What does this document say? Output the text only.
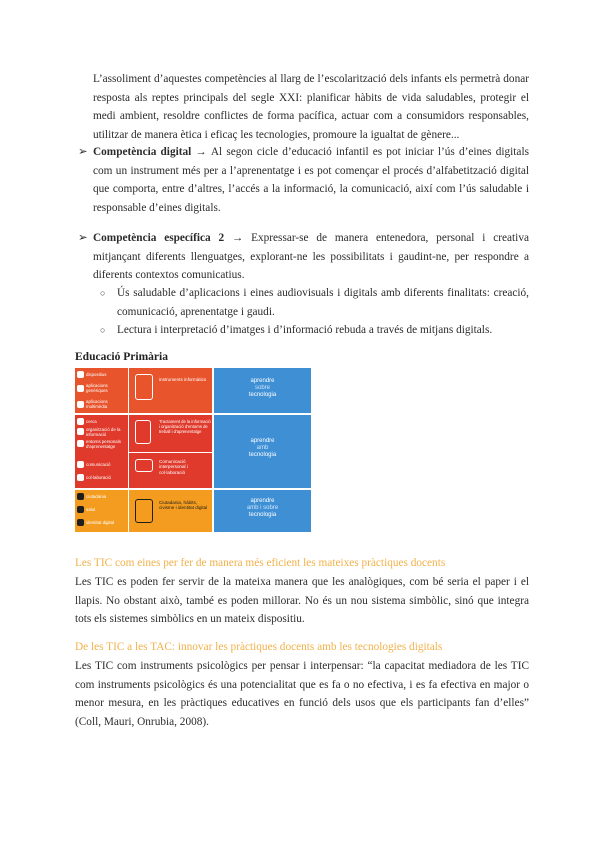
L’assoliment d’aquestes competències al llarg de l’escolarització dels infants els permetrà donar resposta als reptes principals del segle XXI: planificar hàbits de vida saludables, protegir el medi ambient, resoldre conflictes de forma pacífica, actuar com a consumidors responsables, utilitzar de manera ètica i eficaç les tecnologies, promoure la igualtat de gènere...

➢ Competència digital → Al segon cicle d’educació infantil es pot iniciar l’ús d’eines digitals com un instrument més per a l’aprenentatge i es pot començar el procés d’alfabetització digital que comporta, entre d’altres, l’accés a la informació, la comunicació, així com l’ús saludable i responsable d’eines digitals.
➢ Competència específica 2 → Expressar-se de manera entenedora, personal i creativa mitjançant diferents llenguatges, explorant-ne les possibilitats i gaudint-ne, per respondre a diferents contextos comunicatius.
○ Ús saludable d’aplicacions i eines audiovisuals i digitals amb diferents finalitats: creació, comunicació, aprenentatge i gaudi.
○ Lectura i interpretació d’imatges i d’informació rebuda a través de mitjans digitals.
Educació Primària
dispositius
aplicacions genèriques
aplicacions multimèdia
instruments informàtics	aprendre
sobre
tecnologia
cerca
organització de la informació
entorns personals d'aprenentatge
comunicació
col·laboració
Tractament de la informació i organització d'entorns de treball i d'aprenentatge
Comunicació interpersonal i col·laboració
aprendre
amb
tecnologia
ciutadania
salut
identitat digital
Ciutadania, hàbits, civisme i identitat digital
aprendre
amb i sobre
tecnologia
Les TIC com eines per fer de manera més eficient les mateixes pràctiques docents

Les TIC es poden fer servir de la mateixa manera que les analògiques, com bé seria el paper i el llapis. No obstant això, també es poden millorar. No és un nou sistema simbòlic, sinó que integra tots els sistemes simbòlics en un mateix dispositiu.

De les TIC a les TAC: innovar les pràctiques docents amb les tecnologies digitals

Les TIC com instruments psicològics per pensar i interpensar: “la capacitat mediadora de les TIC com instruments psicològics és una potencialitat que es fa o no efectiva, i es fa efectiva en major o menor mesura, en les pràctiques educatives en funció dels usos que els participants fan d’elles” (Coll, Mauri, Onrubia, 2008).
